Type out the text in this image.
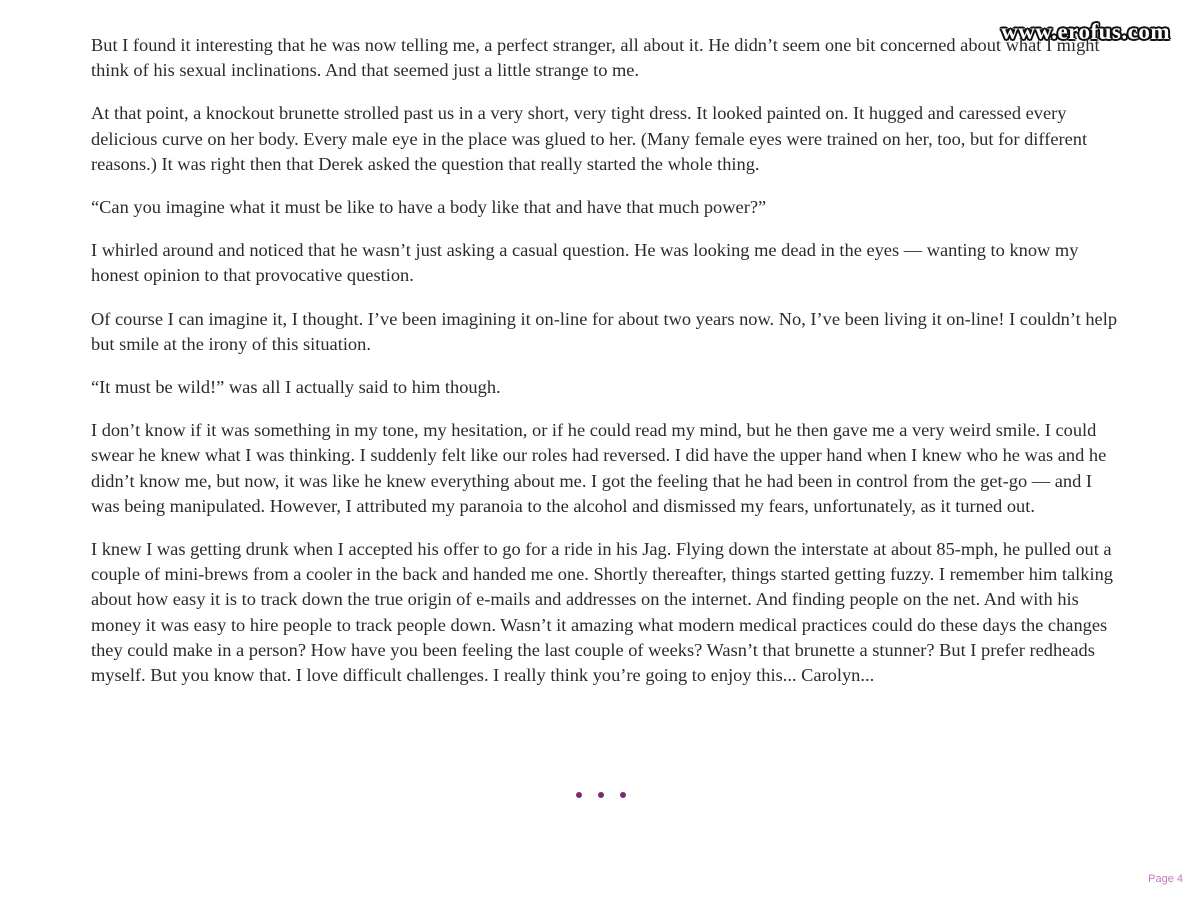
www.erofus.com

But I found it interesting that he was now telling me, a perfect stranger, all about it. He didn’t seem one bit concerned about what I might think of his sexual inclinations. And that seemed just a little strange to me.

At that point, a knockout brunette strolled past us in a very short, very tight dress. It looked painted on. It hugged and caressed every delicious curve on her body. Every male eye in the place was glued to her. (Many female eyes were trained on her, too, but for different reasons.) It was right then that Derek asked the question that really started the whole thing.

“Can you imagine what it must be like to have a body like that and have that much power?”

I whirled around and noticed that he wasn’t just asking a casual question. He was looking me dead in the eyes — wanting to know my honest opinion to that provocative question.

Of course I can imagine it, I thought. I’ve been imagining it on-line for about two years now. No, I’ve been living it on-line! I couldn’t help but smile at the irony of this situation.

“It must be wild!” was all I actually said to him though.

I don’t know if it was something in my tone, my hesitation, or if he could read my mind, but he then gave me a very weird smile. I could swear he knew what I was thinking. I suddenly felt like our roles had reversed. I did have the upper hand when I knew who he was and he didn’t know me, but now, it was like he knew everything about me. I got the feeling that he had been in control from the get-go — and I was being manipulated. However, I attributed my paranoia to the alcohol and dismissed my fears, unfortunately, as it turned out.

I knew I was getting drunk when I accepted his offer to go for a ride in his Jag. Flying down the interstate at about 85-mph, he pulled out a couple of mini-brews from a cooler in the back and handed me one. Shortly thereafter, things started getting fuzzy. I remember him talking about how easy it is to track down the true origin of e-mails and addresses on the internet. And finding people on the net. And with his money it was easy to hire people to track people down. Wasn’t it amazing what modern medical practices could do these days the changes they could make in a person? How have you been feeling the last couple of weeks? Wasn’t that brunette a stunner? But I prefer redheads myself. But you know that. I love difficult challenges. I really think you’re going to enjoy this... Carolyn...

Page 4
